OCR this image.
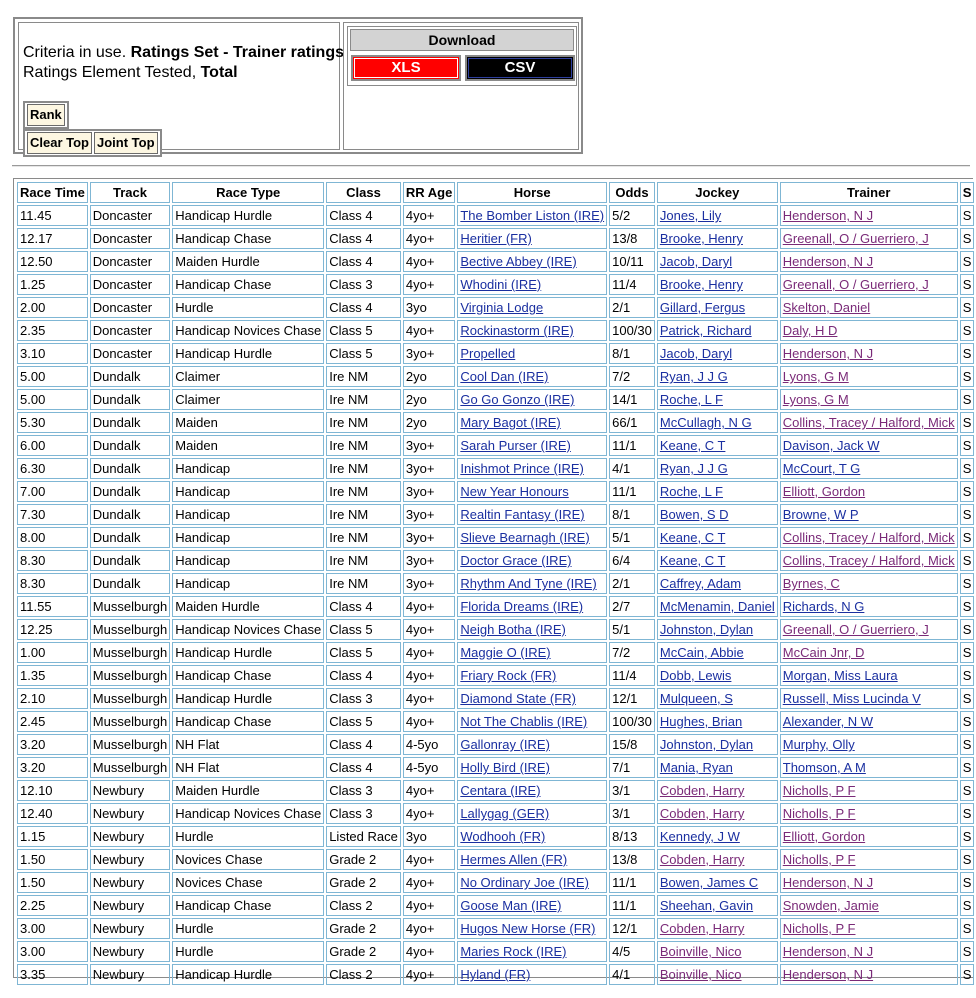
Criteria in use. Ratings Set - Trainer ratings
Ratings Element Tested, Total
Rank
Clear Top Joint Top
Download
XLS	CSV
Race Time	Track	Race Type	Class	RR Age	Horse	Odds	Jockey	Trainer	S
11.45	Doncaster	Handicap Hurdle	Class 4	4yo+	The Bomber Liston (IRE)	5/2	Jones, Lily	Henderson, N J	S
12.17	Doncaster	Handicap Chase	Class 4	4yo+	Heritier (FR)	13/8	Brooke, Henry	Greenall, O / Guerriero, J	S
12.50	Doncaster	Maiden Hurdle	Class 4	4yo+	Bective Abbey (IRE)	10/11	Jacob, Daryl	Henderson, N J	S
1.25	Doncaster	Handicap Chase	Class 3	4yo+	Whodini (IRE)	11/4	Brooke, Henry	Greenall, O / Guerriero, J	S
2.00	Doncaster	Hurdle	Class 4	3yo	Virginia Lodge	2/1	Gillard, Fergus	Skelton, Daniel	S
2.35	Doncaster	Handicap Novices Chase	Class 5	4yo+	Rockinastorm (IRE)	100/30	Patrick, Richard	Daly, H D	S
3.10	Doncaster	Handicap Hurdle	Class 5	3yo+	Propelled	8/1	Jacob, Daryl	Henderson, N J	S
5.00	Dundalk	Claimer	Ire NM	2yo	Cool Dan (IRE)	7/2	Ryan, J J G	Lyons, G M	S
5.00	Dundalk	Claimer	Ire NM	2yo	Go Go Gonzo (IRE)	14/1	Roche, L F	Lyons, G M	S
5.30	Dundalk	Maiden	Ire NM	2yo	Mary Bagot (IRE)	66/1	McCullagh, N G	Collins, Tracey / Halford, Mick	S
6.00	Dundalk	Maiden	Ire NM	3yo+	Sarah Purser (IRE)	11/1	Keane, C T	Davison, Jack W	S
6.30	Dundalk	Handicap	Ire NM	3yo+	Inishmot Prince (IRE)	4/1	Ryan, J J G	McCourt, T G	S
7.00	Dundalk	Handicap	Ire NM	3yo+	New Year Honours	11/1	Roche, L F	Elliott, Gordon	S
7.30	Dundalk	Handicap	Ire NM	3yo+	Realtin Fantasy (IRE)	8/1	Bowen, S D	Browne, W P	S
8.00	Dundalk	Handicap	Ire NM	3yo+	Slieve Bearnagh (IRE)	5/1	Keane, C T	Collins, Tracey / Halford, Mick	S
8.30	Dundalk	Handicap	Ire NM	3yo+	Doctor Grace (IRE)	6/4	Keane, C T	Collins, Tracey / Halford, Mick	S
8.30	Dundalk	Handicap	Ire NM	3yo+	Rhythm And Tyne (IRE)	2/1	Caffrey, Adam	Byrnes, C	S
11.55	Musselburgh	Maiden Hurdle	Class 4	4yo+	Florida Dreams (IRE)	2/7	McMenamin, Daniel	Richards, N G	S
12.25	Musselburgh	Handicap Novices Chase	Class 5	4yo+	Neigh Botha (IRE)	5/1	Johnston, Dylan	Greenall, O / Guerriero, J	S
1.00	Musselburgh	Handicap Hurdle	Class 5	4yo+	Maggie O (IRE)	7/2	McCain, Abbie	McCain Jnr, D	S
1.35	Musselburgh	Handicap Chase	Class 4	4yo+	Friary Rock (FR)	11/4	Dobb, Lewis	Morgan, Miss Laura	S
2.10	Musselburgh	Handicap Hurdle	Class 3	4yo+	Diamond State (FR)	12/1	Mulqueen, S	Russell, Miss Lucinda V	S
2.45	Musselburgh	Handicap Chase	Class 5	4yo+	Not The Chablis (IRE)	100/30	Hughes, Brian	Alexander, N W	S
3.20	Musselburgh	NH Flat	Class 4	4-5yo	Gallonray (IRE)	15/8	Johnston, Dylan	Murphy, Olly	S
3.20	Musselburgh	NH Flat	Class 4	4-5yo	Holly Bird (IRE)	7/1	Mania, Ryan	Thomson, A M	S
12.10	Newbury	Maiden Hurdle	Class 3	4yo+	Centara (IRE)	3/1	Cobden, Harry	Nicholls, P F	S
12.40	Newbury	Handicap Novices Chase	Class 3	4yo+	Lallygag (GER)	3/1	Cobden, Harry	Nicholls, P F	S
1.15	Newbury	Hurdle	Listed Race	3yo	Wodhooh (FR)	8/13	Kennedy, J W	Elliott, Gordon	S
1.50	Newbury	Novices Chase	Grade 2	4yo+	Hermes Allen (FR)	13/8	Cobden, Harry	Nicholls, P F	S
1.50	Newbury	Novices Chase	Grade 2	4yo+	No Ordinary Joe (IRE)	11/1	Bowen, James C	Henderson, N J	S
2.25	Newbury	Handicap Chase	Class 2	4yo+	Goose Man (IRE)	11/1	Sheehan, Gavin	Snowden, Jamie	S
3.00	Newbury	Hurdle	Grade 2	4yo+	Hugos New Horse (FR)	12/1	Cobden, Harry	Nicholls, P F	S
3.00	Newbury	Hurdle	Grade 2	4yo+	Maries Rock (IRE)	4/5	Boinville, Nico	Henderson, N J	S
3.35	Newbury	Handicap Hurdle	Class 2	4yo+	Hyland (FR)	4/1	Boinville, Nico	Henderson, N J	S
